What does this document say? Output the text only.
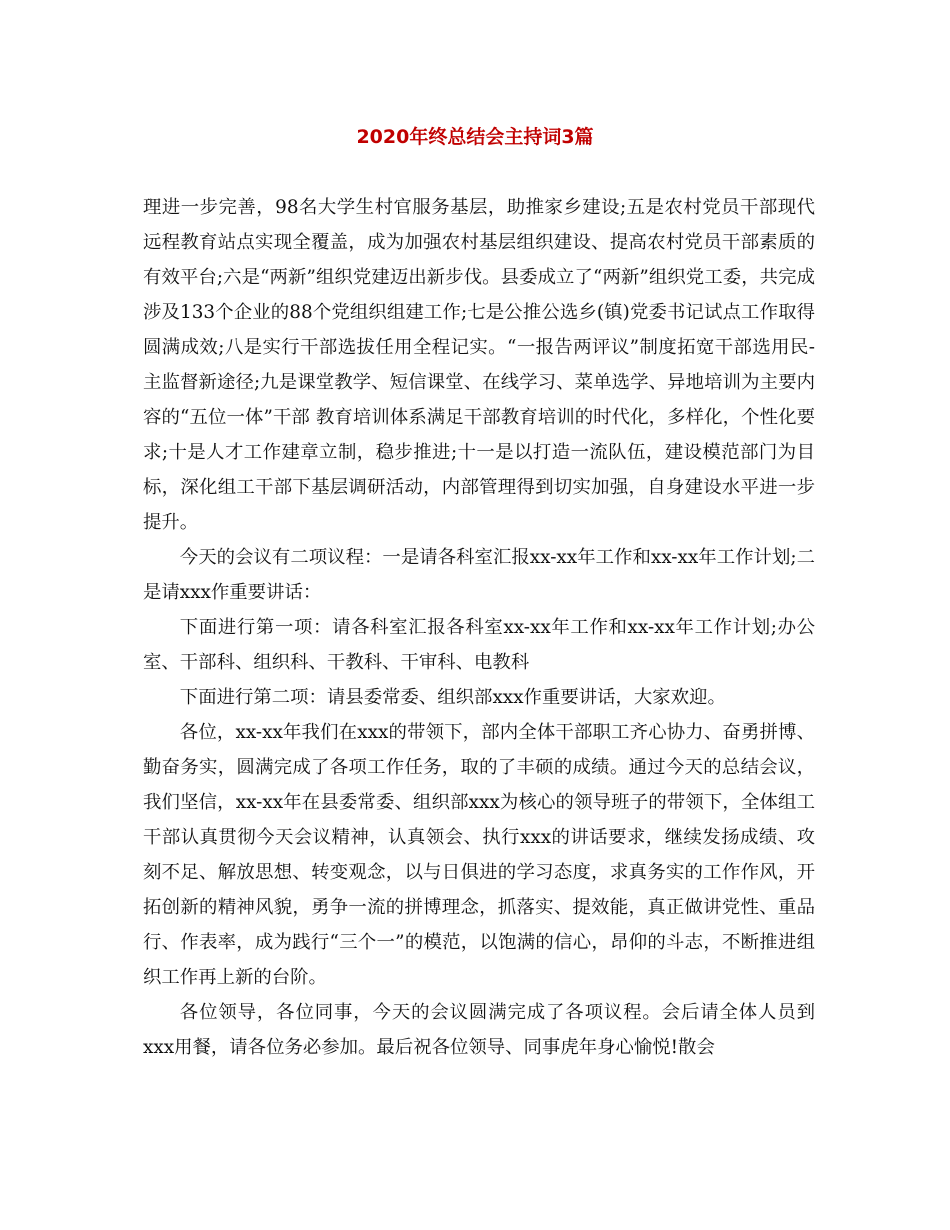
2020年终总结会主持词3篇

理进一步完善，98名大学生村官服务基层，助推家乡建设;五是农村党员干部现代远程教育站点实现全覆盖，成为加强农村基层组织建设、提高农村党员干部素质的有效平台;六是“两新”组织党建迈出新步伐。县委成立了“两新”组织党工委，共完成涉及133个企业的88个党组织组建工作;七是公推公选乡(镇)党委书记试点工作取得圆满成效;八是实行干部选拔任用全程记实。“一报告两评议”制度拓宽干部选用民-主监督新途径;九是课堂教学、短信课堂、在线学习、菜单选学、异地培训为主要内容的“五位一体”干部 教育培训体系满足干部教育培训的时代化，多样化，个性化要求;十是人才工作建章立制，稳步推进;十一是以打造一流队伍，建设模范部门为目标，深化组工干部下基层调研活动，内部管理得到切实加强，自身建设水平进一步提升。

今天的会议有二项议程：一是请各科室汇报xx-xx年工作和xx-xx年工作计划;二是请xxx作重要讲话：

下面进行第一项：请各科室汇报各科室xx-xx年工作和xx-xx年工作计划;办公室、干部科、组织科、干教科、干审科、电教科

下面进行第二项：请县委常委、组织部xxx作重要讲话，大家欢迎。

各位，xx-xx年我们在xxx的带领下，部内全体干部职工齐心协力、奋勇拼博、勤奋务实，圆满完成了各项工作任务，取的了丰硕的成绩。通过今天的总结会议，我们坚信，xx-xx年在县委常委、组织部xxx为核心的领导班子的带领下，全体组工干部认真贯彻今天会议精神，认真领会、执行xxx的讲话要求，继续发扬成绩、攻刻不足、解放思想、转变观念，以与日俱进的学习态度，求真务实的工作作风，开拓创新的精神风貌，勇争一流的拼博理念，抓落实、提效能，真正做讲党性、重品行、作表率，成为践行“三个一”的模范，以饱满的信心，昂仰的斗志，不断推进组织工作再上新的台阶。

各位领导，各位同事，今天的会议圆满完成了各项议程。会后请全体人员到xxx用餐，请各位务必参加。最后祝各位领导、同事虎年身心愉悦!散会
